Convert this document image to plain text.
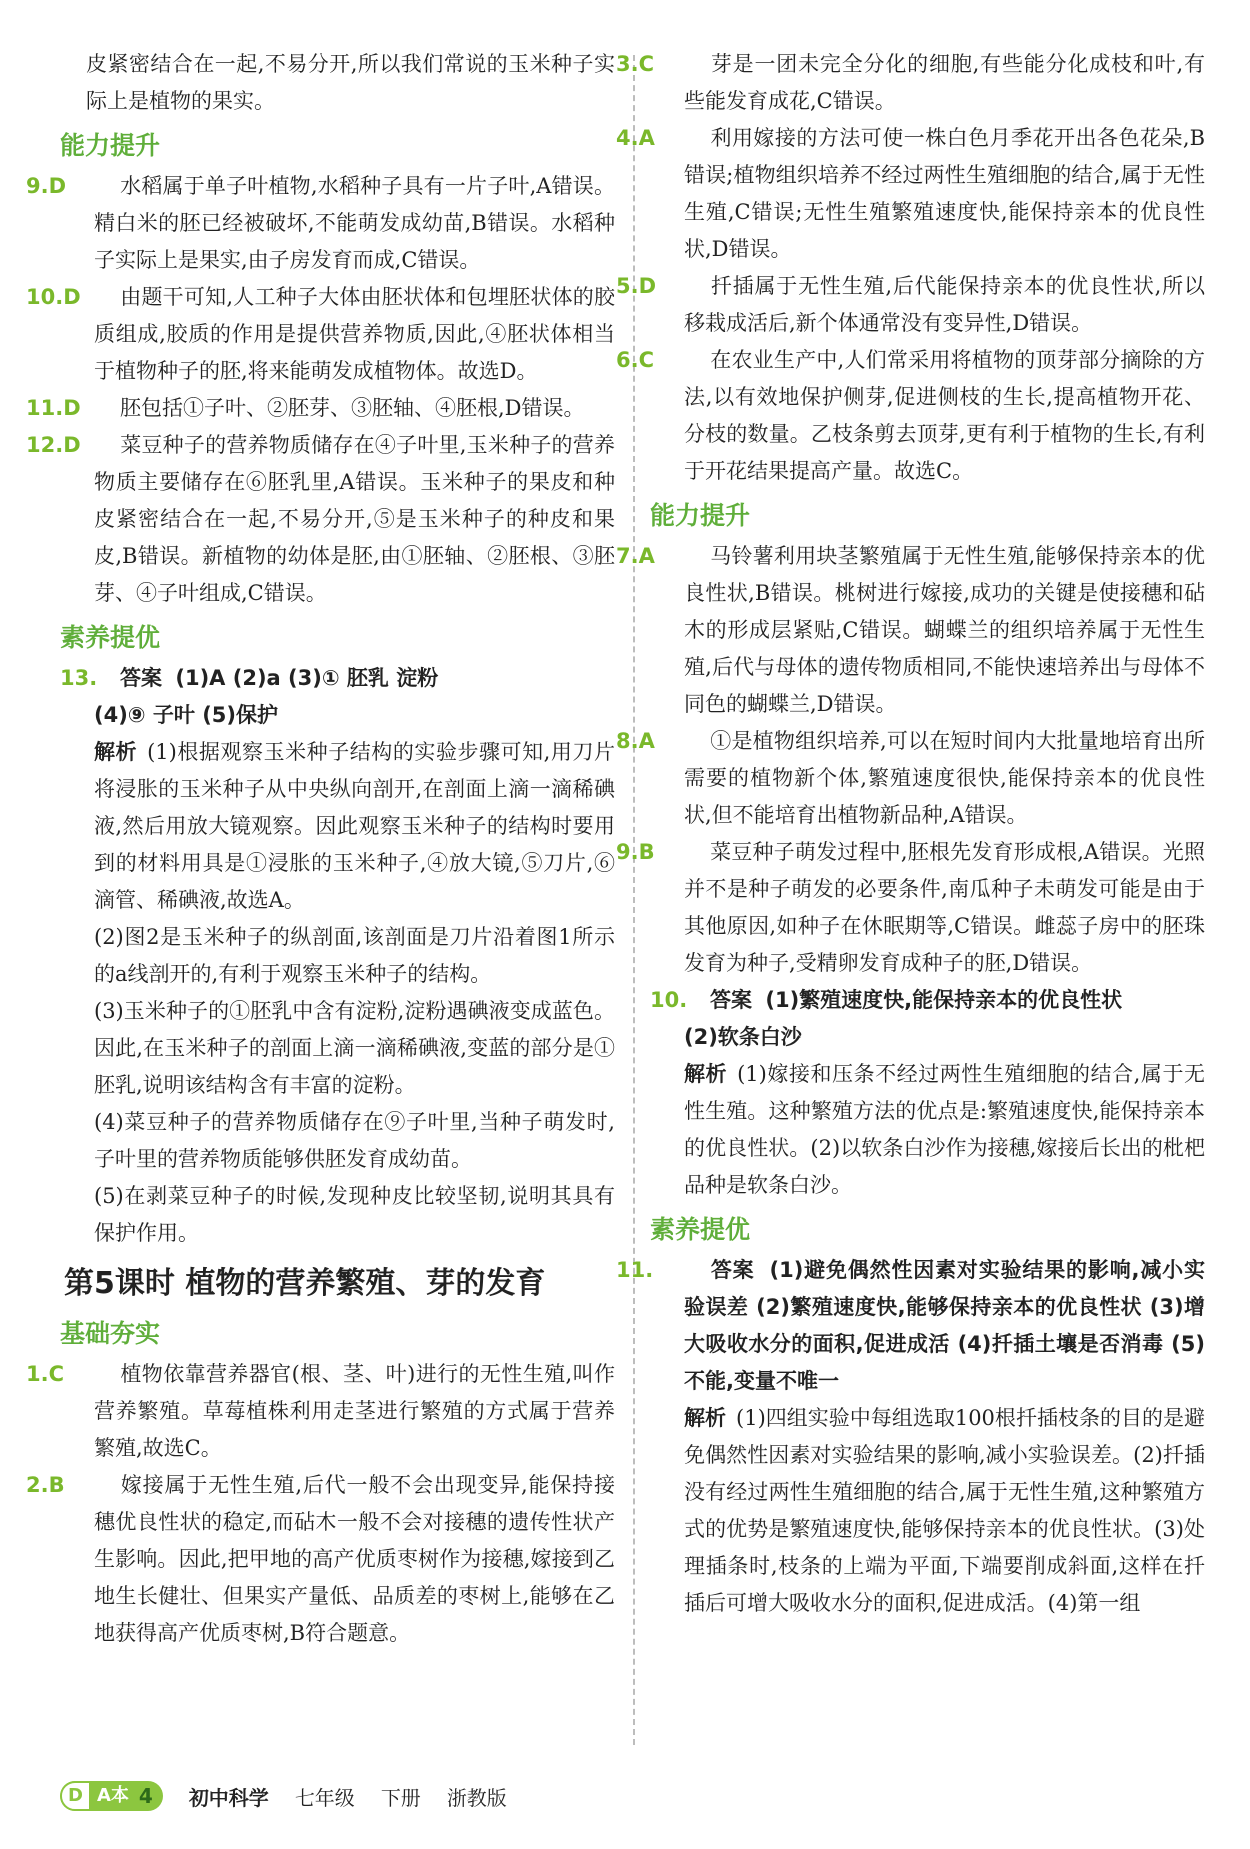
皮紧密结合在一起,不易分开,所以我们常说的玉米种子实际上是植物的果实。

能力提升
9.D	水稻属于单子叶植物,水稻种子具有一片子叶,A错误。精白米的胚已经被破坏,不能萌发成幼苗,B错误。水稻种子实际上是果实,由子房发育而成,C错误。
10.D 由题干可知,人工种子大体由胚状体和包埋胚状体的胶质组成,胶质的作用是提供营养物质,因此,④胚状体相当于植物种子的胚,将来能萌发成植物体。故选D。
11.D 胚包括①子叶、②胚芽、③胚轴、④胚根,D错误。
12.D 菜豆种子的营养物质储存在④子叶里,玉米种子的营养物质主要储存在⑥胚乳里,A错误。玉米种子的果皮和种皮紧密结合在一起,不易分开,⑤是玉米种子的种皮和果皮,B错误。新植物的幼体是胚,由①胚轴、②胚根、③胚芽、④子叶组成,C错误。
素养提优
13. 答案 (1)A (2)a (3)① 胚乳 淀粉
(4)⑨ 子叶 (5)保护
解析 (1)根据观察玉米种子结构的实验步骤可知,用刀片将浸胀的玉米种子从中央纵向剖开,在剖面上滴一滴稀碘液,然后用放大镜观察。因此观察玉米种子的结构时要用到的材料用具是①浸胀的玉米种子,④放大镜,⑤刀片,⑥滴管、稀碘液,故选A。
(2)图2是玉米种子的纵剖面,该剖面是刀片沿着图1所示的a线剖开的,有利于观察玉米种子的结构。
(3)玉米种子的①胚乳中含有淀粉,淀粉遇碘液变成蓝色。因此,在玉米种子的剖面上滴一滴稀碘液,变蓝的部分是①胚乳,说明该结构含有丰富的淀粉。
(4)菜豆种子的营养物质储存在⑨子叶里,当种子萌发时,子叶里的营养物质能够供胚发育成幼苗。
(5)在剥菜豆种子的时候,发现种皮比较坚韧,说明其具有保护作用。
第5课时 植物的营养繁殖、芽的发育
基础夯实
1.C	植物依靠营养器官(根、茎、叶)进行的无性生殖,叫作营养繁殖。草莓植株利用走茎进行繁殖的方式属于营养繁殖,故选C。
2.B	嫁接属于无性生殖,后代一般不会出现变异,能保持接穗优良性状的稳定,而砧木一般不会对接穗的遗传性状产生影响。因此,把甲地的高产优质枣树作为接穗,嫁接到乙地生长健壮、但果实产量低、品质差的枣树上,能够在乙地获得高产优质枣树,B符合题意。
3.C	芽是一团未完全分化的细胞,有些能分化成枝和叶,有些能发育成花,C错误。
4.A	利用嫁接的方法可使一株白色月季花开出各色花朵,B错误;植物组织培养不经过两性生殖细胞的结合,属于无性生殖,C错误;无性生殖繁殖速度快,能保持亲本的优良性状,D错误。
5.D	扦插属于无性生殖,后代能保持亲本的优良性状,所以移栽成活后,新个体通常没有变异性,D错误。
6.C	在农业生产中,人们常采用将植物的顶芽部分摘除的方法,以有效地保护侧芽,促进侧枝的生长,提高植物开花、分枝的数量。乙枝条剪去顶芽,更有利于植物的生长,有利于开花结果提高产量。故选C。
能力提升
7.A	马铃薯利用块茎繁殖属于无性生殖,能够保持亲本的优良性状,B错误。桃树进行嫁接,成功的关键是使接穗和砧木的形成层紧贴,C错误。蝴蝶兰的组织培养属于无性生殖,后代与母体的遗传物质相同,不能快速培养出与母体不同色的蝴蝶兰,D错误。
8.A	①是植物组织培养,可以在短时间内大批量地培育出所需要的植物新个体,繁殖速度很快,能保持亲本的优良性状,但不能培育出植物新品种,A错误。
9.B	菜豆种子萌发过程中,胚根先发育形成根,A错误。光照并不是种子萌发的必要条件,南瓜种子未萌发可能是由于其他原因,如种子在休眠期等,C错误。雌蕊子房中的胚珠发育为种子,受精卵发育成种子的胚,D错误。
10. 答案 (1)繁殖速度快,能保持亲本的优良性状
(2)软条白沙
解析 (1)嫁接和压条不经过两性生殖细胞的结合,属于无性生殖。这种繁殖方法的优点是:繁殖速度快,能保持亲本的优良性状。(2)以软条白沙作为接穗,嫁接后长出的枇杷品种是软条白沙。
素养提优
11.	答案 (1)避免偶然性因素对实验结果的影响,减小实验误差 (2)繁殖速度快,能够保持亲本的优良性状 (3)增大吸收水分的面积,促进成活 (4)扦插土壤是否消毒 (5)不能,变量不唯一
解析 (1)四组实验中每组选取100根扦插枝条的目的是避免偶然性因素对实验结果的影响,减小实验误差。(2)扦插没有经过两性生殖细胞的结合,属于无性生殖,这种繁殖方式的优势是繁殖速度快,能够保持亲本的优良性状。(3)处理插条时,枝条的上端为平面,下端要削成斜面,这样在扦插后可增大吸收水分的面积,促进成活。(4)第一组
D A本 4	初中科学 七年级 下册 浙教版
